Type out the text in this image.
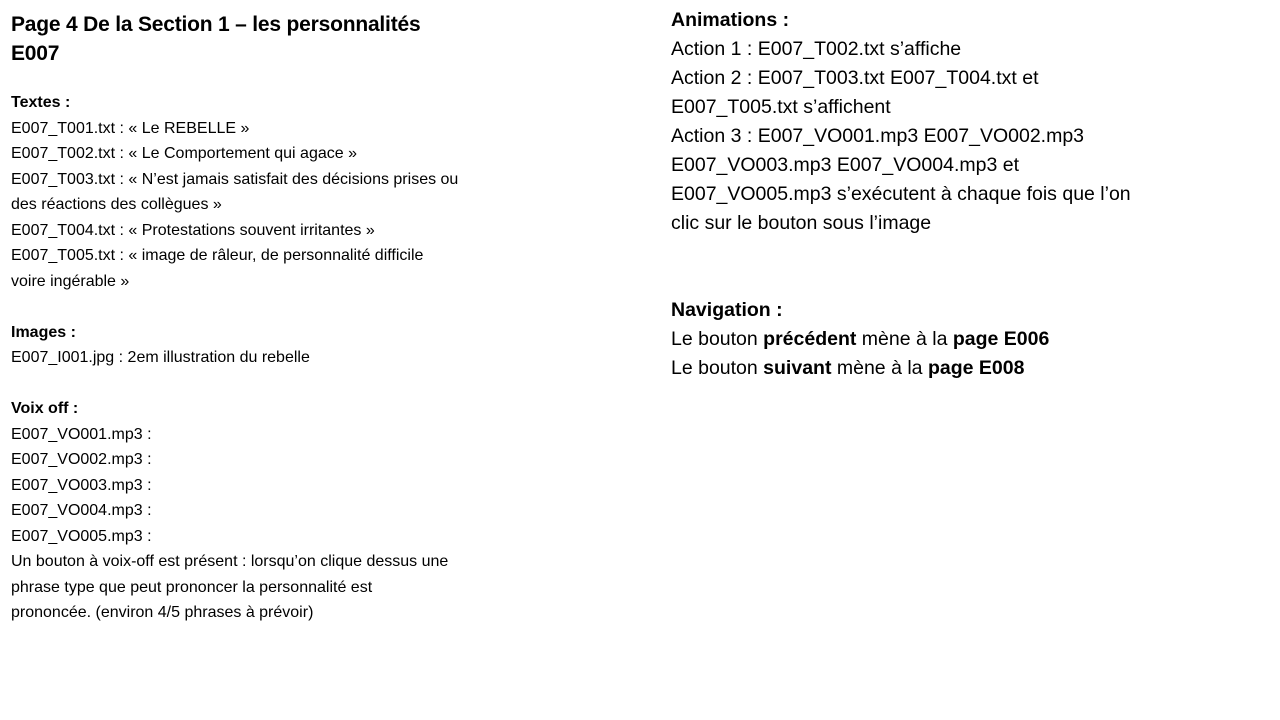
Page 4 De la Section 1 – les personnalités

E007

Textes :

E007_T001.txt : « Le REBELLE »

E007_T002.txt : « Le Comportement qui agace »

E007_T003.txt : « N’est jamais satisfait des décisions prises ou

des réactions des collègues »

E007_T004.txt : « Protestations souvent irritantes »

E007_T005.txt : « image de râleur, de personnalité difficile

voire ingérable »

Images :

E007_I001.jpg : 2em illustration du rebelle

Voix off :

E007_VO001.mp3 :

E007_VO002.mp3 :

E007_VO003.mp3 :

E007_VO004.mp3 :

E007_VO005.mp3 :

Un bouton à voix-off est présent : lorsqu’on clique dessus une

phrase type que peut prononcer la personnalité est

prononcée. (environ 4/5 phrases à prévoir)

Animations :

Action 1 : E007_T002.txt s’affiche

Action 2 : E007_T003.txt E007_T004.txt et

E007_T005.txt s’affichent

Action 3 : E007_VO001.mp3 E007_VO002.mp3

E007_VO003.mp3 E007_VO004.mp3 et

E007_VO005.mp3 s’exécutent à chaque fois que l’on

clic sur le bouton sous l’image

Navigation :

Le bouton précédent mène à la page E006

Le bouton suivant mène à la page E008
